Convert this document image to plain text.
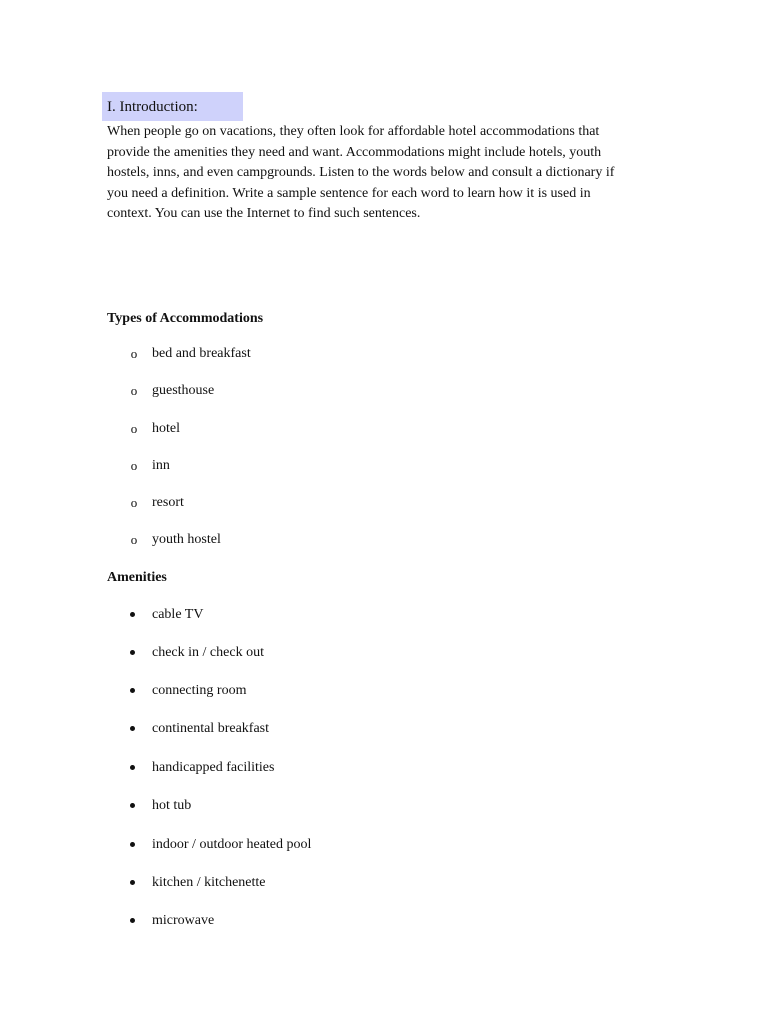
I. Introduction:

When people go on vacations, they often look for affordable hotel accommodations that
provide the amenities they need and want. Accommodations might include hotels, youth
hostels, inns, and even campgrounds. Listen to the words below and consult a dictionary if
you need a definition. Write a sample sentence for each word to learn how it is used in
context. You can use the Internet to find such sentences.

Types of Accommodations
o bed and breakfast
o guesthouse
o hotel
o inn
o resort
o youth hostel
Amenities
cable TV
check in / check out
connecting room
continental breakfast
handicapped facilities
hot tub
indoor / outdoor heated pool
kitchen / kitchenette
microwave
